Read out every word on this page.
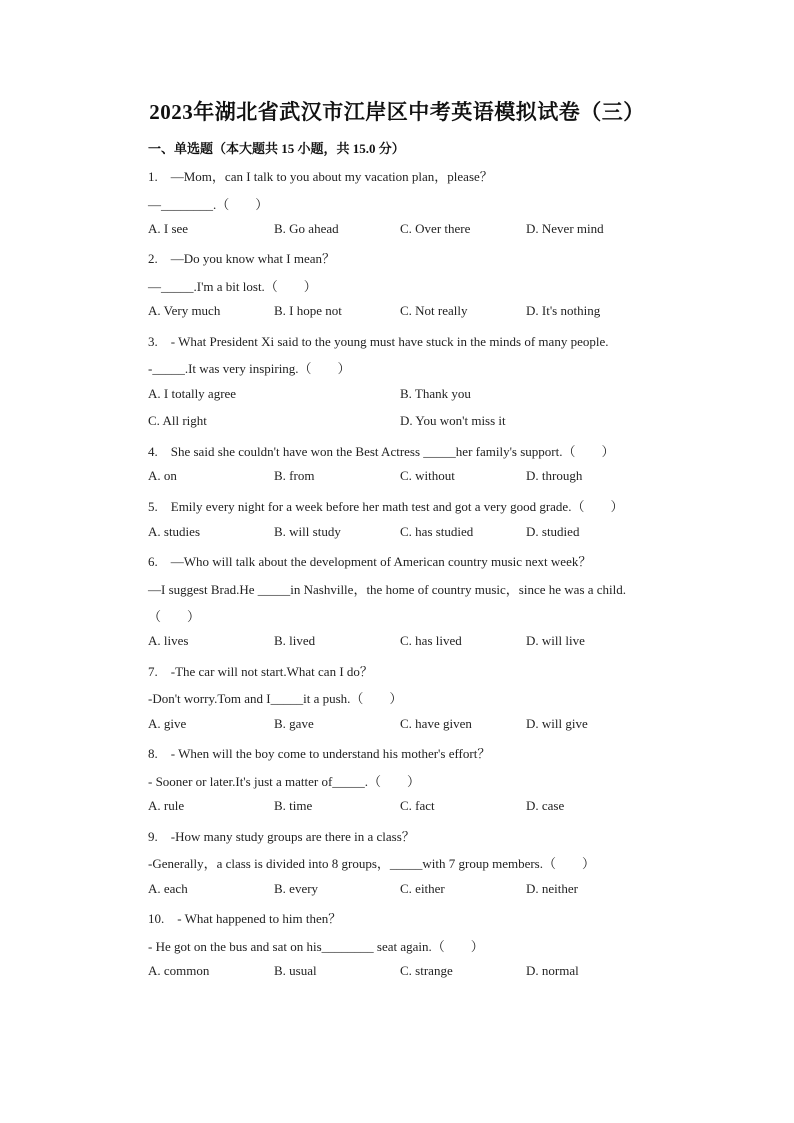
2023年湖北省武汉市江岸区中考英语模拟试卷（三）
一、单选题（本大题共 15 小题，共 15.0 分）
1.　—Mom，can I talk to you about my vacation plan，please？
—________.（　　）
A. I see	B. Go ahead	C. Over there	D. Never mind
2.　—Do you know what I mean？
—_____.I'm a bit lost.（　　）
A. Very much	B. I hope not	C. Not really	D. It's nothing
3.　- What President Xi said to the young must have stuck in the minds of many people.
-_____.It was very inspiring.（　　）
A. I totally agree	B. Thank you
C. All right	D. You won't miss it
4.　She said she couldn't have won the Best Actress _____her family's support.（　　）
A. on	B. from	C. without	D. through
5.　Emily every night for a week before her math test and got a very good grade.（　　）
A. studies	B. will study	C. has studied	D. studied
6.　—Who will talk about the development of American country music next week？
—I suggest Brad.He _____in Nashville，the home of country music，since he was a child.
（　　）
A. lives	B. lived	C. has lived	D. will live
7.　-The car will not start.What can I do？
-Don't worry.Tom and I_____it a push.（　　）
A. give	B. gave	C. have given	D. will give
8.　- When will the boy come to understand his mother's effort？
- Sooner or later.It's just a matter of_____.（　　）
A. rule	B. time	C. fact	D. case
9.　-How many study groups are there in a class？
-Generally，a class is divided into 8 groups，_____with 7 group members.（　　）
A. each	B. every	C. either	D. neither
10.　- What happened to him then？
- He got on the bus and sat on his________ seat again.（　　）
A. common	B. usual	C. strange	D. normal
